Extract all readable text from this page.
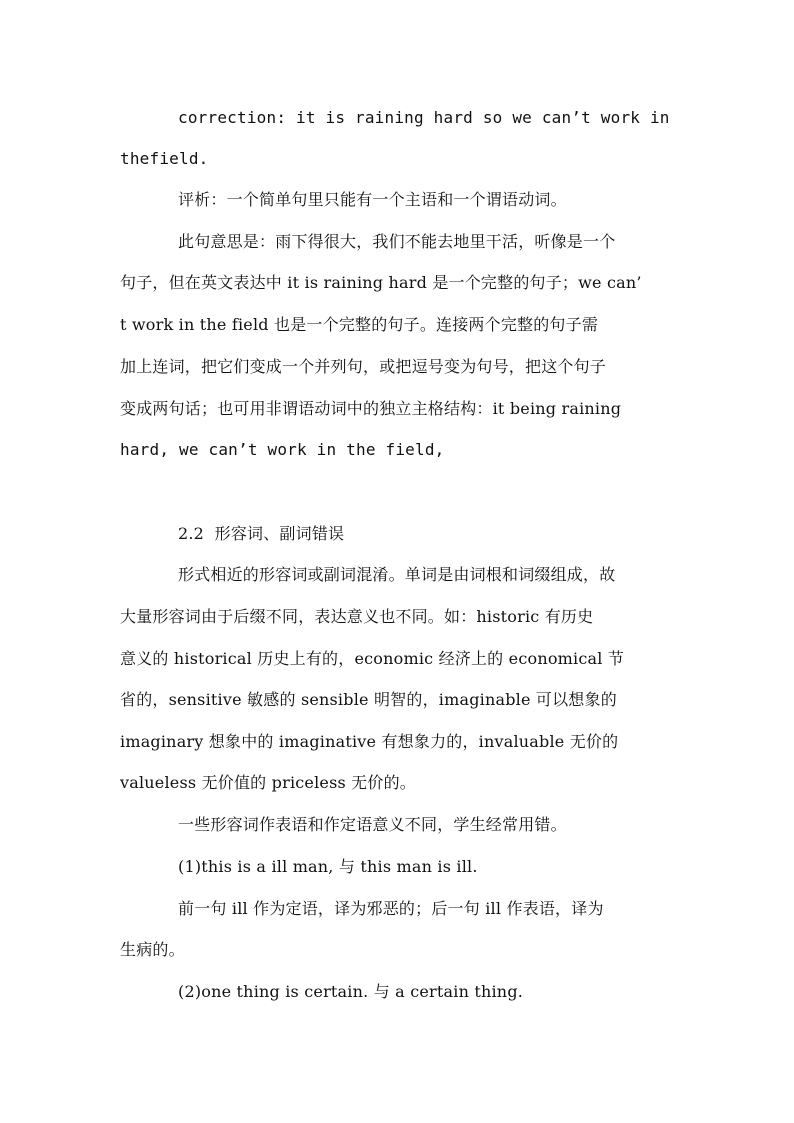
correction: it is raining hard so we can’t work in
thefield.
评析：一个简单句里只能有一个主语和一个谓语动词。
此句意思是：雨下得很大，我们不能去地里干活，听像是一个
句子，但在英文表达中 it is raining hard 是一个完整的句子；we can’
t work in the field 也是一个完整的句子。连接两个完整的句子需
加上连词，把它们变成一个并列句，或把逗号变为句号，把这个句子
变成两句话；也可用非谓语动词中的独立主格结构：it being raining
hard, we can’t work in the field,
2.2  形容词、副词错误
形式相近的形容词或副词混淆。单词是由词根和词缀组成，故
大量形容词由于后缀不同，表达意义也不同。如：historic 有历史
意义的 historical 历史上有的，economic 经济上的 economical 节
省的，sensitive 敏感的 sensible 明智的，imaginable 可以想象的
imaginary 想象中的 imaginative 有想象力的，invaluable 无价的
valueless 无价值的 priceless 无价的。
一些形容词作表语和作定语意义不同，学生经常用错。
(1)this is a ill man, 与 this man is ill.
前一句 ill 作为定语，译为邪恶的；后一句 ill 作表语，译为
生病的。
(2)one thing is certain. 与 a certain thing.
